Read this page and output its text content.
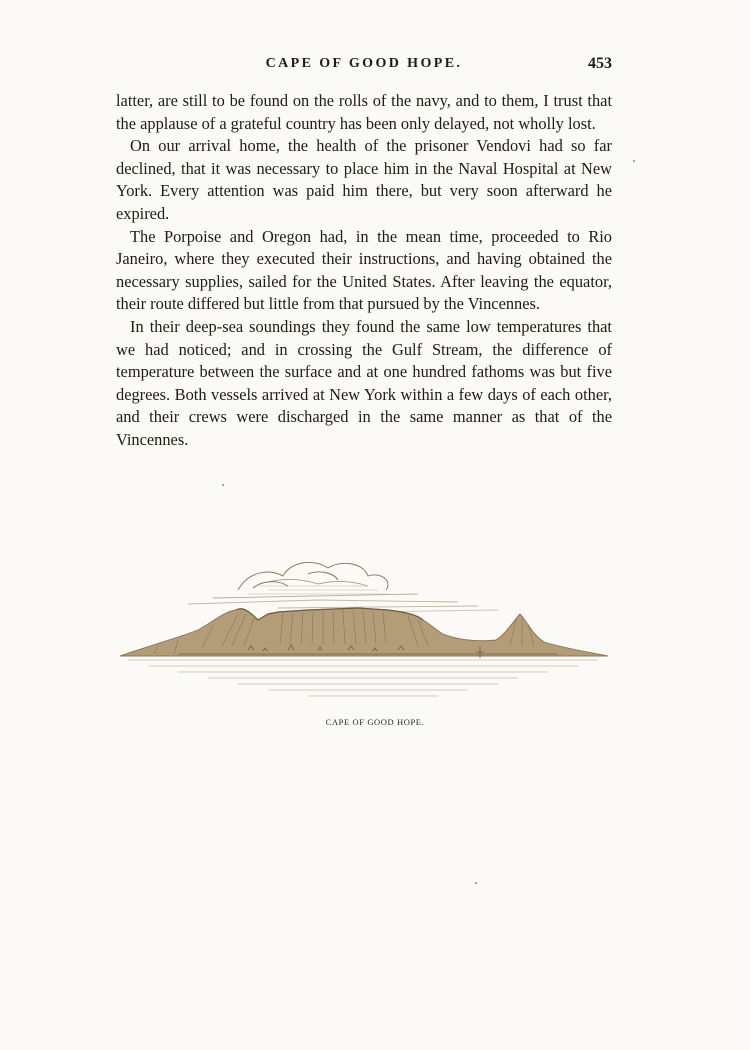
CAPE OF GOOD HOPE.	453

latter, are still to be found on the rolls of the navy, and to them, I trust that the applause of a grateful country has been only delayed, not wholly lost.

On our arrival home, the health of the prisoner Vendovi had so far declined, that it was necessary to place him in the Naval Hospital at New York. Every attention was paid him there, but very soon afterward he expired.

The Porpoise and Oregon had, in the mean time, proceeded to Rio Janeiro, where they executed their instructions, and having obtained the necessary supplies, sailed for the United States. After leaving the equator, their route differed but little from that pursued by the Vincennes.

In their deep-sea soundings they found the same low temperatures that we had noticed; and in crossing the Gulf Stream, the difference of temperature between the surface and at one hundred fathoms was but five degrees. Both vessels arrived at New York within a few days of each other, and their crews were discharged in the same manner as that of the Vincennes.

CAPE OF GOOD HOPE.
